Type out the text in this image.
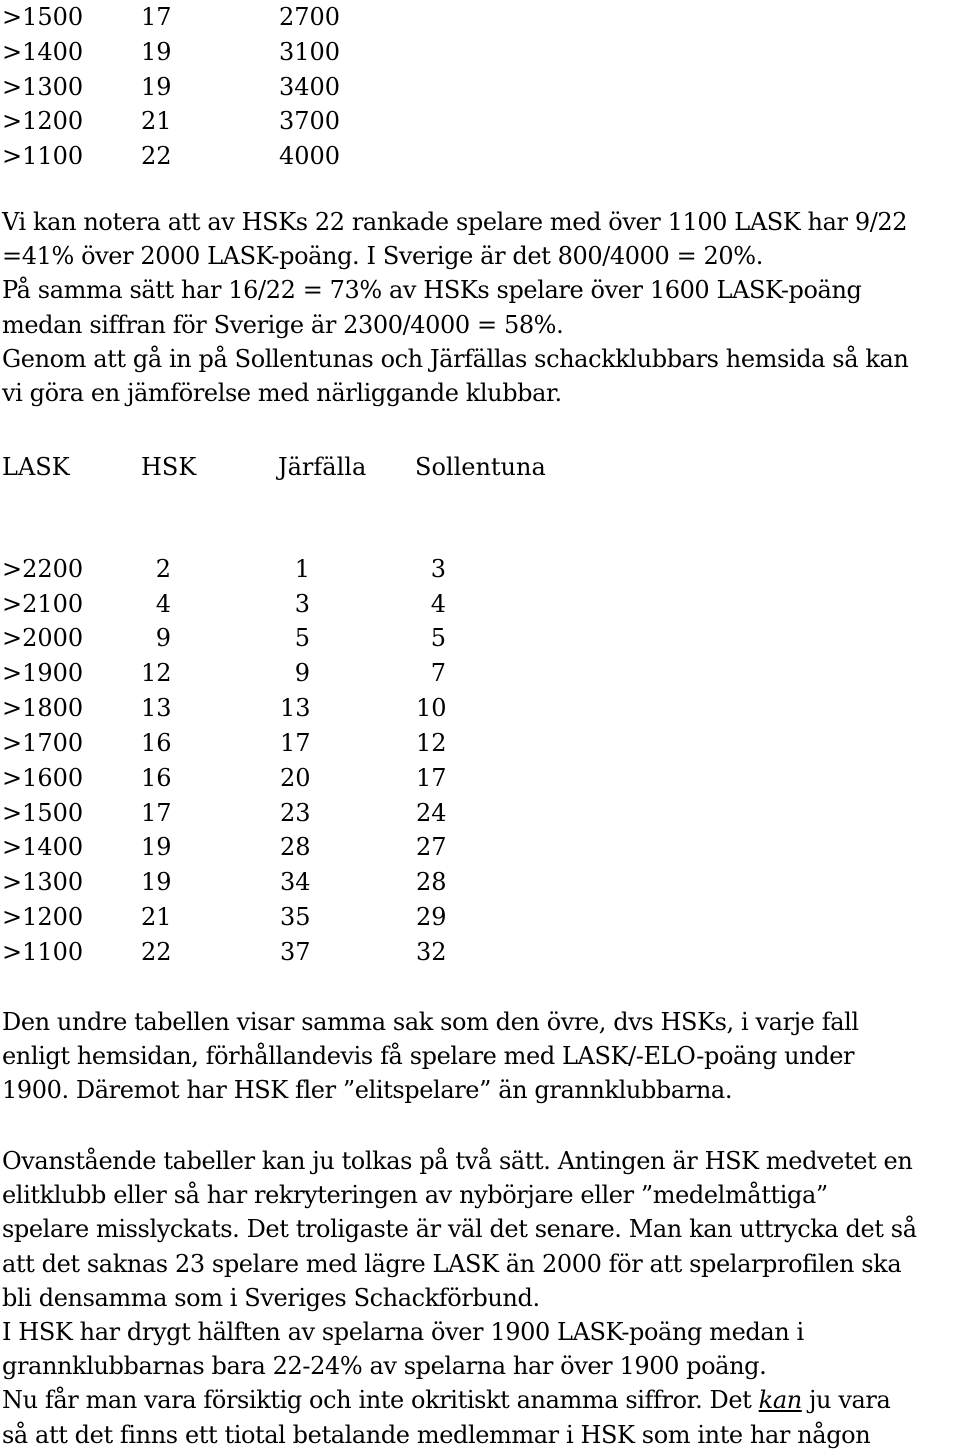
>1500 17	2700
>1400 19	3100
>1300 19	3400
>1200 21	3700
>1100 22	4000
Vi kan notera att av HSKs 22 rankade spelare med över 1100 LASK har 9/22
=41% över 2000 LASK-poäng. I Sverige är det 800/4000 = 20%.
På samma sätt har 16/22 = 73% av HSKs spelare över 1600 LASK-poäng
medan siffran för Sverige är 2300/4000 = 58%.
Genom att gå in på Sollentunas och Järfällas schackklubbars hemsida så kan
vi göra en jämförelse med närliggande klubbar.
LASK	HSK	Järfälla Sollentuna
>2200	2	1	3
>2100	4	3	4
>2000	9	5	5
>1900 12	9	7
>1800 13	13	10
>1700 16	17	12
>1600 16	20	17
>1500 17	23	24
>1400 19	28	27
>1300 19	34	28
>1200 21	35	29
>1100 22	37	32
Den undre tabellen visar samma sak som den övre, dvs HSKs, i varje fall
enligt hemsidan, förhållandevis få spelare med LASK/-ELO-poäng under
1900. Däremot har HSK fler ”elitspelare” än grannklubbarna.
Ovanstående tabeller kan ju tolkas på två sätt. Antingen är HSK medvetet en
elitklubb eller så har rekryteringen av nybörjare eller ”medelmåttiga”
spelare misslyckats. Det troligaste är väl det senare. Man kan uttrycka det så
att det saknas 23 spelare med lägre LASK än 2000 för att spelarprofilen ska
bli densamma som i Sveriges Schackförbund.
I HSK har drygt hälften av spelarna över 1900 LASK-poäng medan i
grannklubbarnas bara 22-24% av spelarna har över 1900 poäng.
Nu får man vara försiktig och inte okritiskt anamma siffror. Det kan ju vara
så att det finns ett tiotal betalande medlemmar i HSK som inte har någon
